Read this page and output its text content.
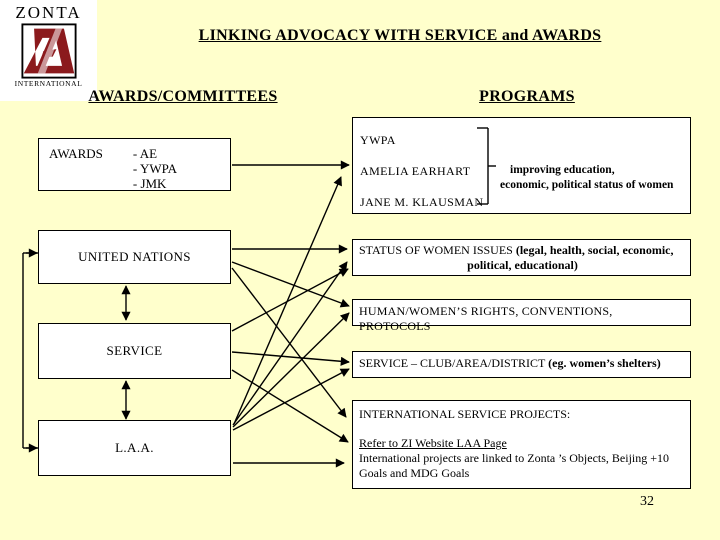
ZONTA
INTERNATIONAL
LINKING ADVOCACY WITH SERVICE and AWARDS
AWARDS/COMMITTEES	PROGRAMS
AWARDS - AE
- YWPA
- JMK
UNITED NATIONS
SERVICE
L.A.A.
YWPA
AMELIA EARHART
JANE M. KLAUSMAN
improving education,
economic, political status of women
STATUS OF WOMEN ISSUES (legal, health, social, economic,
political, educational)
HUMAN/WOMEN’S RIGHTS, CONVENTIONS, PROTOCOLS
SERVICE – CLUB/AREA/DISTRICT (eg. women’s shelters)
INTERNATIONAL SERVICE PROJECTS:
Refer to ZI Website LAA Page
International projects are linked to Zonta ’s Objects, Beijing +10
Goals and MDG Goals
32
